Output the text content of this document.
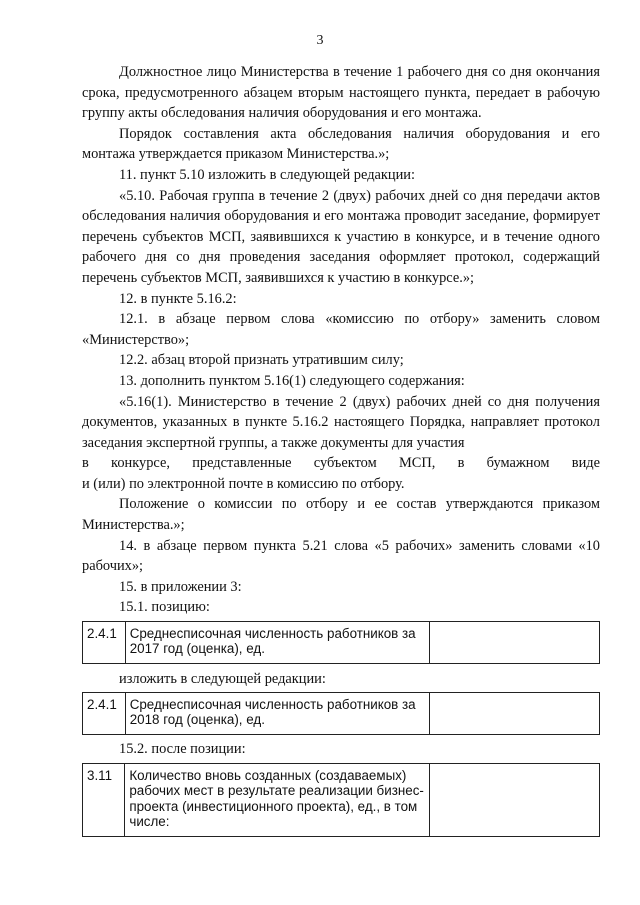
3

Должностное лицо Министерства в течение 1 рабочего дня со дня окончания срока, предусмотренного абзацем вторым настоящего пункта, передает в рабочую группу акты обследования наличия оборудования и его монтажа.

Порядок составления акта обследования наличия оборудования и его монтажа утверждается приказом Министерства.»;

11. пункт 5.10 изложить в следующей редакции:

«5.10. Рабочая группа в течение 2 (двух) рабочих дней со дня передачи актов обследования наличия оборудования и его монтажа проводит заседание, формирует перечень субъектов МСП, заявившихся к участию в конкурсе, и в течение одного рабочего дня со дня проведения заседания оформляет протокол, содержащий перечень субъектов МСП, заявившихся к участию в конкурсе.»;

12. в пункте 5.16.2:

12.1. в абзаце первом слова «комиссию по отбору» заменить словом «Министерство»;

12.2. абзац второй признать утратившим силу;

13. дополнить пунктом 5.16(1) следующего содержания:

«5.16(1). Министерство в течение 2 (двух) рабочих дней со дня получения документов, указанных в пункте 5.16.2 настоящего Порядка, направляет протокол заседания экспертной группы, а также документы для участия

в конкурсе, представленные субъектом МСП, в бумажном виде

и (или) по электронной почте в комиссию по отбору.

Положение о комиссии по отбору и ее состав утверждаются приказом Министерства.»;

14. в абзаце первом пункта 5.21 слова «5 рабочих» заменить словами «10 рабочих»;

15. в приложении 3:

15.1. позицию:

2.4.1	Среднесписочная численность работников за 2017 год (оценка), ед.	
изложить в следующей редакции:
2.4.1	Среднесписочная численность работников за 2018 год (оценка), ед.	
15.2. после позиции:
3.11	Количество вновь созданных (создаваемых) рабочих мест в результате реализации бизнес-проекта (инвестиционного проекта), ед., в том числе:	
